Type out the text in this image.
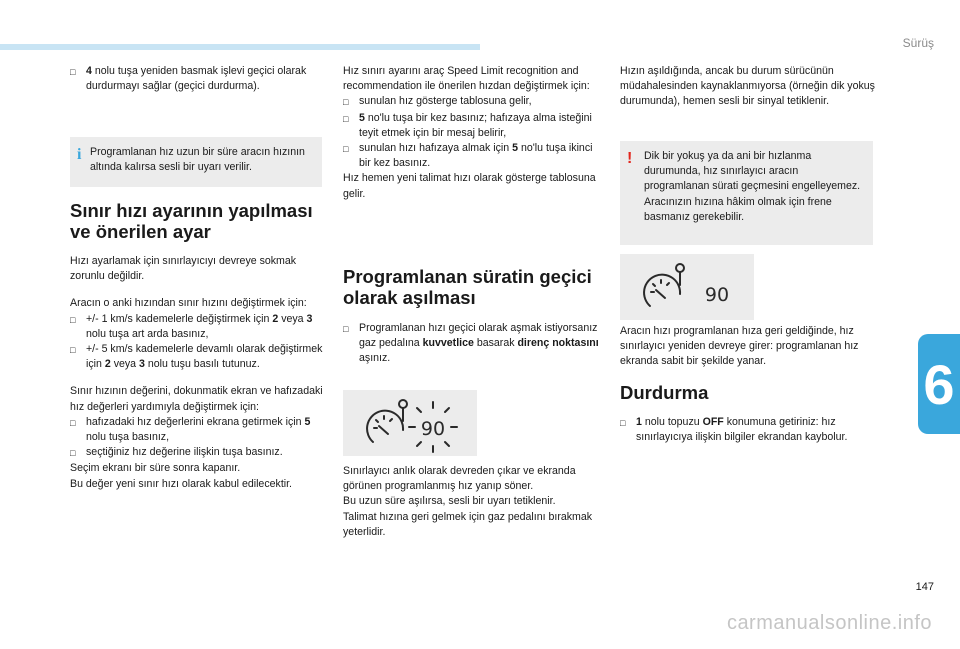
Sürüş
6
147
carmanualsonline.info
□ 4 nolu tuşa yeniden basmak işlevi geçici olarak durdurmayı sağlar (geçici durdurma).
i Programlanan hız uzun bir süre aracın hızının altında kalırsa sesli bir uyarı verilir.
Sınır hızı ayarının yapılması ve önerilen ayar

Hızı ayarlamak için sınırlayıcıyı devreye sokmak zorunlu değildir.

Aracın o anki hızından sınır hızını değiştirmek için:
□ +/- 1 km/s kademelerle değiştirmek için 2 veya 3 nolu tuşa art arda basınız,
□ +/- 5 km/s kademelerle devamlı olarak değiştirmek için 2 veya 3 nolu tuşu basılı tutunuz.
Sınır hızının değerini, dokunmatik ekran ve hafızadaki hız değerleri yardımıyla değiştirmek için:
□ hafızadaki hız değerlerini ekrana getirmek için 5 nolu tuşa basınız,
□ seçtiğiniz hız değerine ilişkin tuşa basınız.
Seçim ekranı bir süre sonra kapanır.
Bu değer yeni sınır hızı olarak kabul edilecektir.
Hız sınırı ayarını araç Speed Limit recognition and recommendation ile önerilen hızdan değiştirmek için:
□ sunulan hız gösterge tablosuna gelir,
□ 5 no'lu tuşa bir kez basınız; hafızaya alma isteğini teyit etmek için bir mesaj belirir,
□ sunulan hızı hafızaya almak için 5 no'lu tuşa ikinci bir kez basınız.
Hız hemen yeni talimat hızı olarak gösterge tablosuna gelir.
Programlanan süratin geçici olarak aşılması
□ Programlanan hızı geçici olarak aşmak istiyorsanız gaz pedalına kuvvetlice basarak direnç noktasını aşınız.
90
Sınırlayıcı anlık olarak devreden çıkar ve ekranda görünen programlanmış hız yanıp söner.
Bu uzun süre aşılırsa, sesli bir uyarı tetiklenir.
Talimat hızına geri gelmek için gaz pedalını bırakmak yeterlidir.
Hızın aşıldığında, ancak bu durum sürücünün müdahalesinden kaynaklanmıyorsa (örneğin dik yokuş durumunda), hemen sesli bir sinyal tetiklenir.
! Dik bir yokuş ya da ani bir hızlanma durumunda, hız sınırlayıcı aracın programlanan sürati geçmesini engelleyemez.
Aracınızın hızına hâkim olmak için frene basmanız gerekebilir.
90
Aracın hızı programlanan hıza geri geldiğinde, hız sınırlayıcı yeniden devreye girer: programlanan hız ekranda sabit bir şekilde yanar.
Durdurma
□ 1 nolu topuzu OFF konumuna getiriniz: hız sınırlayıcıya ilişkin bilgiler ekrandan kaybolur.
